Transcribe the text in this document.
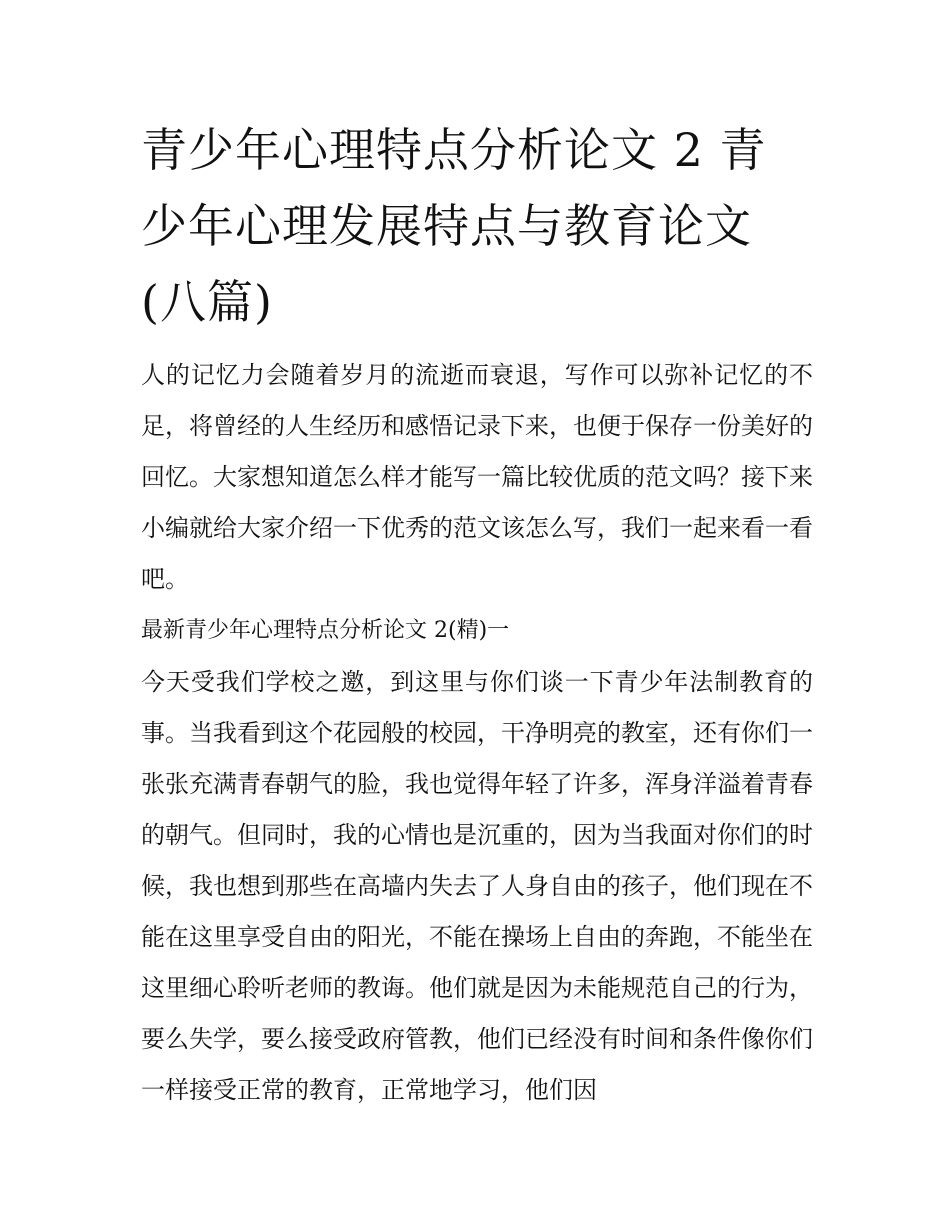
青少年心理特点分析论文 2 青少年心理发展特点与教育论文(八篇)

人的记忆力会随着岁月的流逝而衰退，写作可以弥补记忆的不足，将曾经的人生经历和感悟记录下来，也便于保存一份美好的回忆。大家想知道怎么样才能写一篇比较优质的范文吗？接下来小编就给大家介绍一下优秀的范文该怎么写，我们一起来看一看吧。

最新青少年心理特点分析论文 2(精)一

今天受我们学校之邀，到这里与你们谈一下青少年法制教育的事。当我看到这个花园般的校园，干净明亮的教室，还有你们一张张充满青春朝气的脸，我也觉得年轻了许多，浑身洋溢着青春的朝气。但同时，我的心情也是沉重的，因为当我面对你们的时候，我也想到那些在高墙内失去了人身自由的孩子，他们现在不能在这里享受自由的阳光，不能在操场上自由的奔跑，不能坐在这里细心聆听老师的教诲。他们就是因为未能规范自己的行为，要么失学，要么接受政府管教，他们已经没有时间和条件像你们一样接受正常的教育，正常地学习，他们因
